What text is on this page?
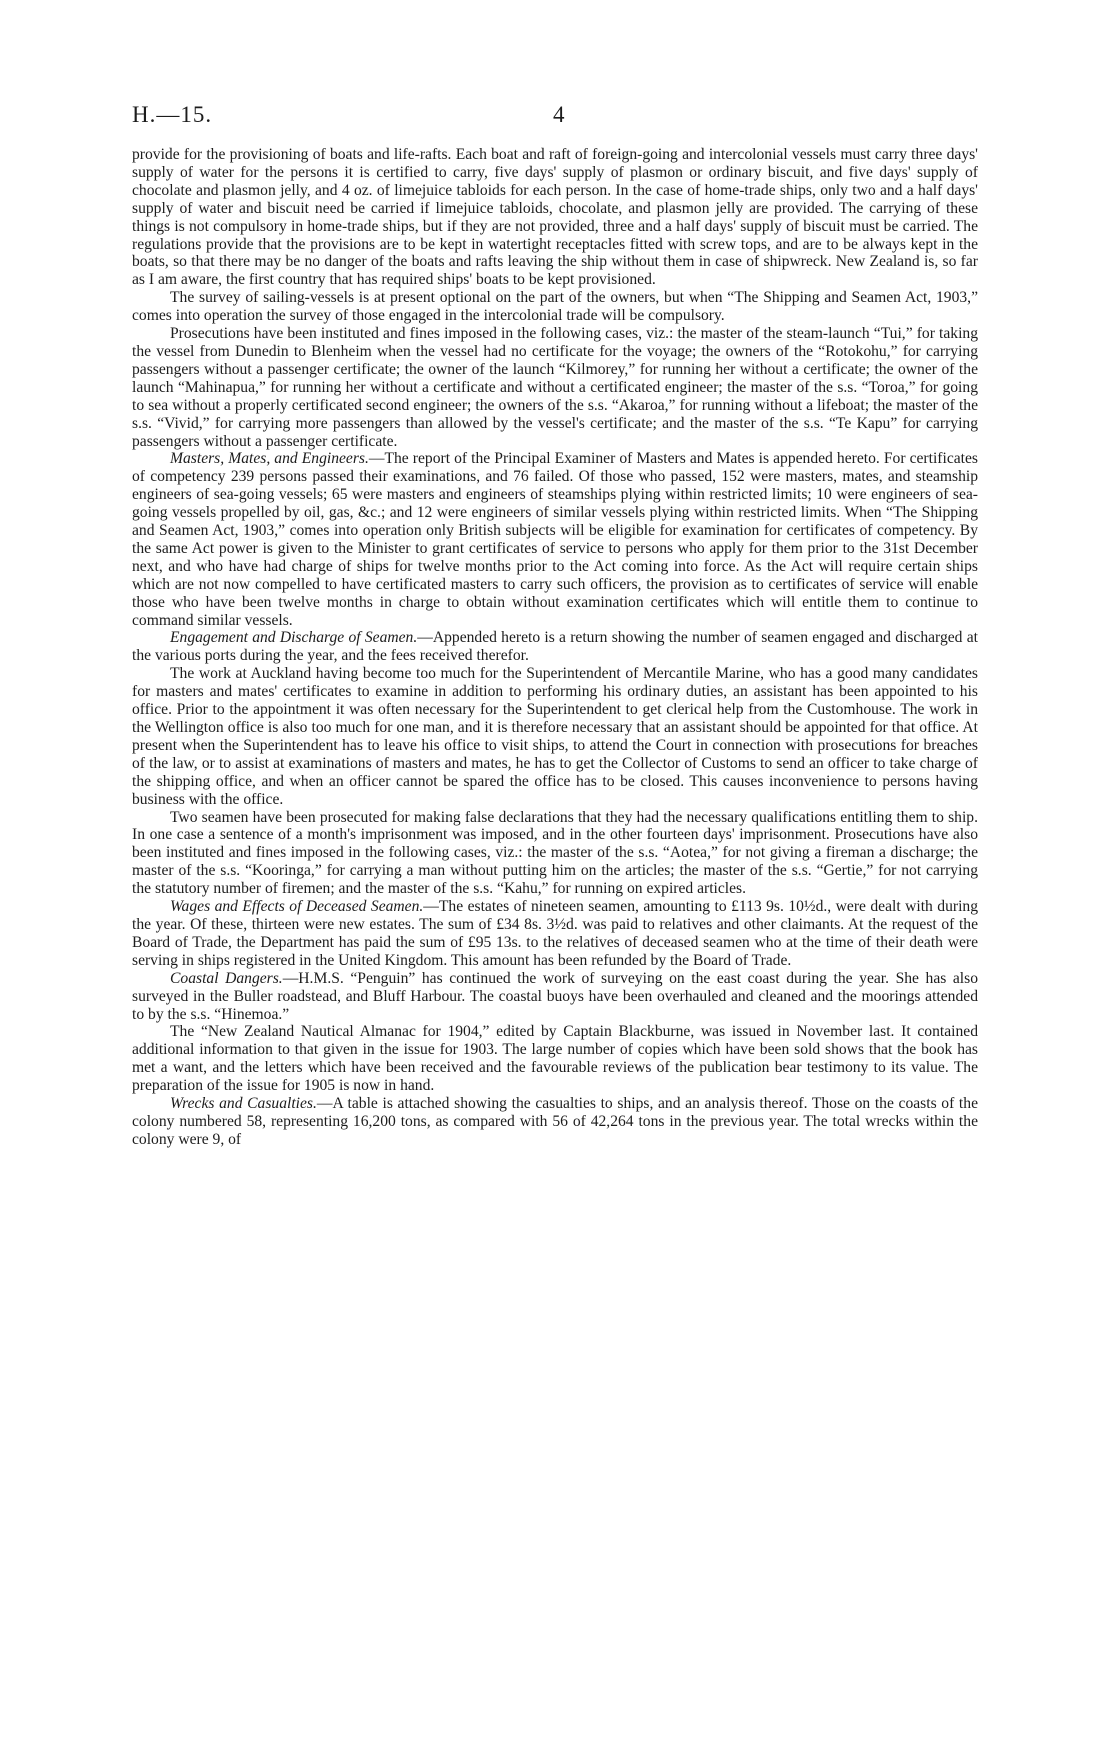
H.—15.	4

provide for the provisioning of boats and life-rafts. Each boat and raft of foreign-going and intercolonial vessels must carry three days' supply of water for the persons it is certified to carry, five days' supply of plasmon or ordinary biscuit, and five days' supply of chocolate and plasmon jelly, and 4 oz. of limejuice tabloids for each person. In the case of home-trade ships, only two and a half days' supply of water and biscuit need be carried if limejuice tabloids, chocolate, and plasmon jelly are provided. The carrying of these things is not compulsory in home-trade ships, but if they are not provided, three and a half days' supply of biscuit must be carried. The regulations provide that the provisions are to be kept in watertight receptacles fitted with screw tops, and are to be always kept in the boats, so that there may be no danger of the boats and rafts leaving the ship without them in case of shipwreck. New Zealand is, so far as I am aware, the first country that has required ships' boats to be kept provisioned.

The survey of sailing-vessels is at present optional on the part of the owners, but when “The Shipping and Seamen Act, 1903,” comes into operation the survey of those engaged in the intercolonial trade will be compulsory.

Prosecutions have been instituted and fines imposed in the following cases, viz.: the master of the steam-launch “Tui,” for taking the vessel from Dunedin to Blenheim when the vessel had no certificate for the voyage; the owners of the “Rotokohu,” for carrying passengers without a passenger certificate; the owner of the launch “Kilmorey,” for running her without a certificate; the owner of the launch “Mahinapua,” for running her without a certificate and without a certificated engineer; the master of the s.s. “Toroa,” for going to sea without a properly certificated second engineer; the owners of the s.s. “Akaroa,” for running without a lifeboat; the master of the s.s. “Vivid,” for carrying more passengers than allowed by the vessel's certificate; and the master of the s.s. “Te Kapu” for carrying passengers without a passenger certificate.

Masters, Mates, and Engineers.—The report of the Principal Examiner of Masters and Mates is appended hereto. For certificates of competency 239 persons passed their examinations, and 76 failed. Of those who passed, 152 were masters, mates, and steamship engineers of sea-going vessels; 65 were masters and engineers of steamships plying within restricted limits; 10 were engineers of sea-going vessels propelled by oil, gas, &c.; and 12 were engineers of similar vessels plying within restricted limits. When “The Shipping and Seamen Act, 1903,” comes into operation only British subjects will be eligible for examination for certificates of competency. By the same Act power is given to the Minister to grant certificates of service to persons who apply for them prior to the 31st December next, and who have had charge of ships for twelve months prior to the Act coming into force. As the Act will require certain ships which are not now compelled to have certificated masters to carry such officers, the provision as to certificates of service will enable those who have been twelve months in charge to obtain without examination certificates which will entitle them to continue to command similar vessels.

Engagement and Discharge of Seamen.—Appended hereto is a return showing the number of seamen engaged and discharged at the various ports during the year, and the fees received therefor.

The work at Auckland having become too much for the Superintendent of Mercantile Marine, who has a good many candidates for masters and mates' certificates to examine in addition to performing his ordinary duties, an assistant has been appointed to his office. Prior to the appointment it was often necessary for the Superintendent to get clerical help from the Customhouse. The work in the Wellington office is also too much for one man, and it is therefore necessary that an assistant should be appointed for that office. At present when the Superintendent has to leave his office to visit ships, to attend the Court in connection with prosecutions for breaches of the law, or to assist at examinations of masters and mates, he has to get the Collector of Customs to send an officer to take charge of the shipping office, and when an officer cannot be spared the office has to be closed. This causes inconvenience to persons having business with the office.

Two seamen have been prosecuted for making false declarations that they had the necessary qualifications entitling them to ship. In one case a sentence of a month's imprisonment was imposed, and in the other fourteen days' imprisonment. Prosecutions have also been instituted and fines imposed in the following cases, viz.: the master of the s.s. “Aotea,” for not giving a fireman a discharge; the master of the s.s. “Kooringa,” for carrying a man without putting him on the articles; the master of the s.s. “Gertie,” for not carrying the statutory number of firemen; and the master of the s.s. “Kahu,” for running on expired articles.

Wages and Effects of Deceased Seamen.—The estates of nineteen seamen, amounting to £113 9s. 10½d., were dealt with during the year. Of these, thirteen were new estates. The sum of £34 8s. 3½d. was paid to relatives and other claimants. At the request of the Board of Trade, the Department has paid the sum of £95 13s. to the relatives of deceased seamen who at the time of their death were serving in ships registered in the United Kingdom. This amount has been refunded by the Board of Trade.

Coastal Dangers.—H.M.S. “Penguin” has continued the work of surveying on the east coast during the year. She has also surveyed in the Buller roadstead, and Bluff Harbour. The coastal buoys have been overhauled and cleaned and the moorings attended to by the s.s. “Hinemoa.”

The “New Zealand Nautical Almanac for 1904,” edited by Captain Blackburne, was issued in November last. It contained additional information to that given in the issue for 1903. The large number of copies which have been sold shows that the book has met a want, and the letters which have been received and the favourable reviews of the publication bear testimony to its value. The preparation of the issue for 1905 is now in hand.

Wrecks and Casualties.—A table is attached showing the casualties to ships, and an analysis thereof. Those on the coasts of the colony numbered 58, representing 16,200 tons, as compared with 56 of 42,264 tons in the previous year. The total wrecks within the colony were 9, of
